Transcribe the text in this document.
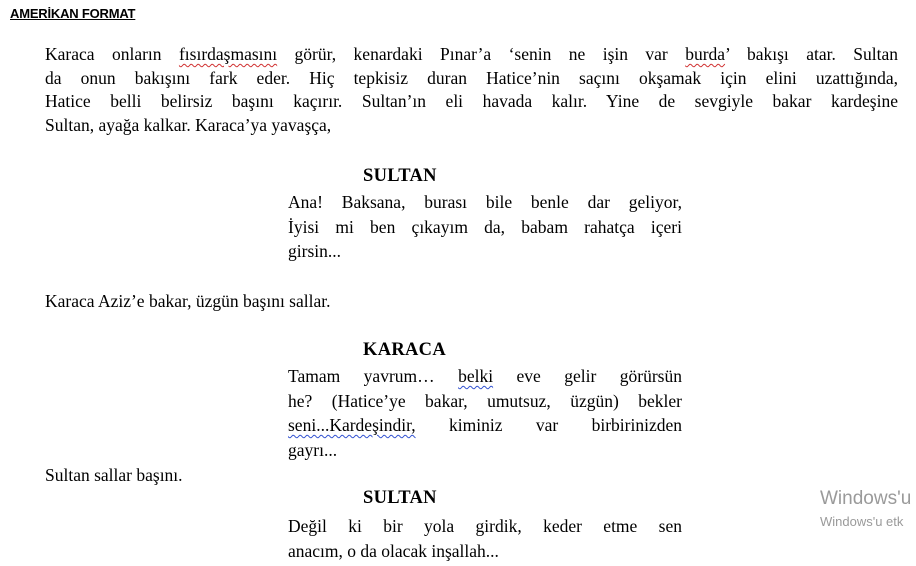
AMERİKAN FORMAT
Karaca onların fısırdaşmasını görür, kenardaki Pınar’a ‘senin ne işin var burda’ bakışı atar. Sultan
da onun bakışını fark eder. Hiç tepkisiz duran Hatice’nin saçını okşamak için elini uzattığında,
Hatice belli belirsiz başını kaçırır. Sultan’ın eli havada kalır. Yine de sevgiyle bakar kardeşine
Sultan, ayağa kalkar. Karaca’ya yavaşça,
SULTAN
Ana! Baksana, burası bile benle dar geliyor,
İyisi mi ben çıkayım da, babam rahatça içeri
girsin...
Karaca Aziz’e bakar, üzgün başını sallar.
KARACA
Tamam yavrum… belki eve gelir görürsün
he? (Hatice’ye bakar, umutsuz, üzgün) bekler
seni...Kardeşindir, kiminiz var birbirinizden
gayrı...
Sultan sallar başını.
SULTAN
Değil ki bir yola girdik, keder etme sen
anacım, o da olacak inşallah...
Windows'u
Windows'u etk
